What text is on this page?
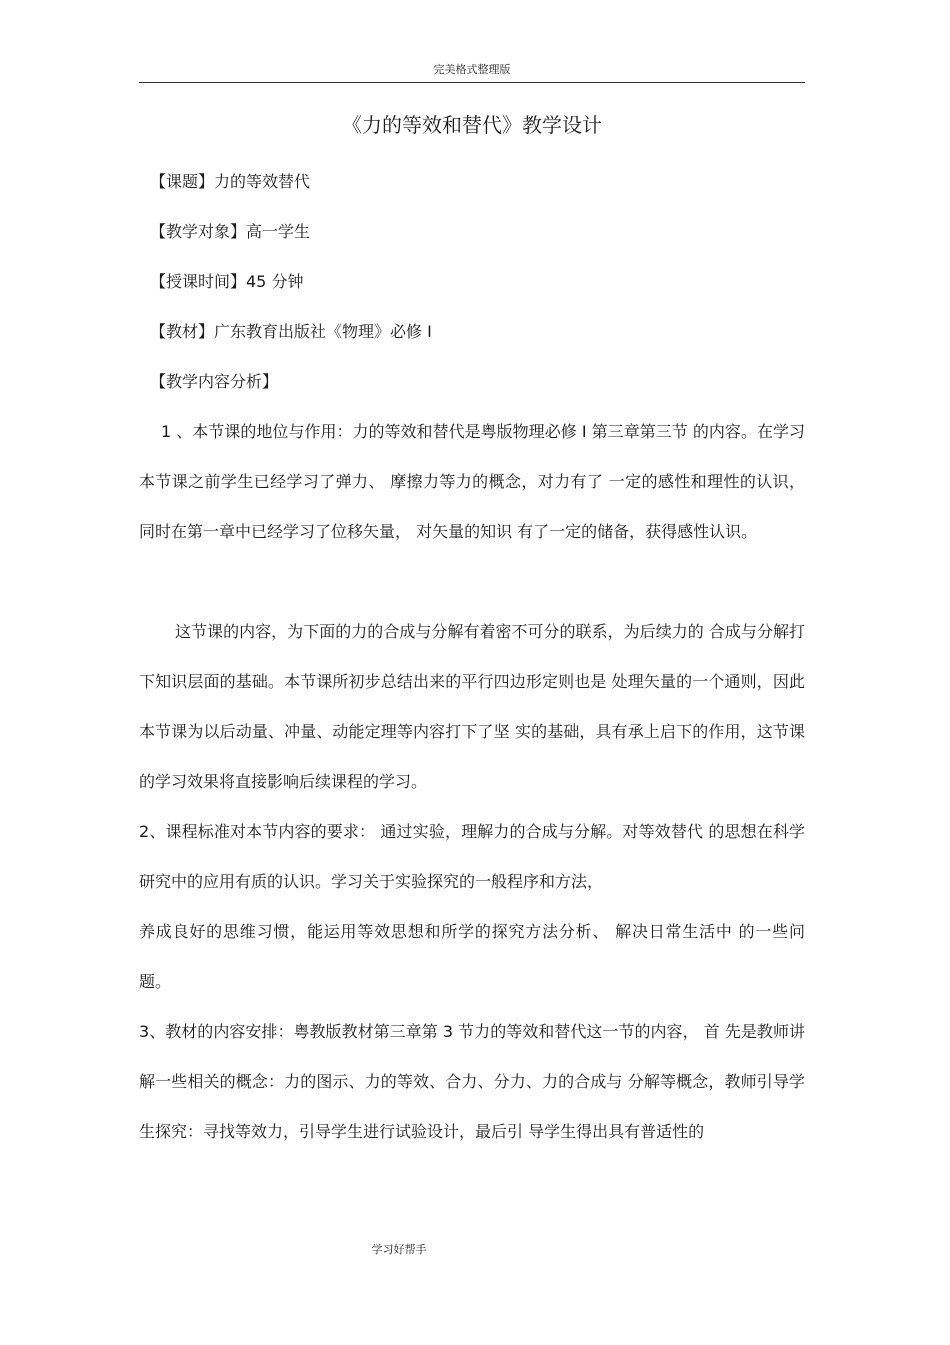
完美格式整理版
《力的等效和替代》教学设计
【课题】力的等效替代
【教学对象】高一学生
【授课时间】45 分钟
【教材】广东教育出版社《物理》必修 I
【教学内容分析】

1 、本节课的地位与作用：力的等效和替代是粤版物理必修 I 第三章第三节 的内容。在学习本节课之前学生已经学习了弹力、 摩擦力等力的概念，对力有了 一定的感性和理性的认识，同时在第一章中已经学习了位移矢量， 对矢量的知识 有了一定的储备，获得感性认识。

这节课的内容，为下面的力的合成与分解有着密不可分的联系，为后续力的 合成与分解打下知识层面的基础。本节课所初步总结出来的平行四边形定则也是 处理矢量的一个通则，因此本节课为以后动量、冲量、动能定理等内容打下了坚 实的基础，具有承上启下的作用，这节课的学习效果将直接影响后续课程的学习。

2、课程标准对本节内容的要求： 通过实验，理解力的合成与分解。对等效替代 的思想在科学研究中的应用有质的认识。学习关于实验探究的一般程序和方法，

养成良好的思维习惯，能运用等效思想和所学的探究方法分析、 解决日常生活中 的一些问题。

3、教材的内容安排：粤教版教材第三章第 3 节力的等效和替代这一节的内容， 首 先是教师讲解一些相关的概念：力的图示、力的等效、合力、分力、力的合成与 分解等概念，教师引导学生探究：寻找等效力，引导学生进行试验设计，最后引 导学生得出具有普适性的

学习好帮手
